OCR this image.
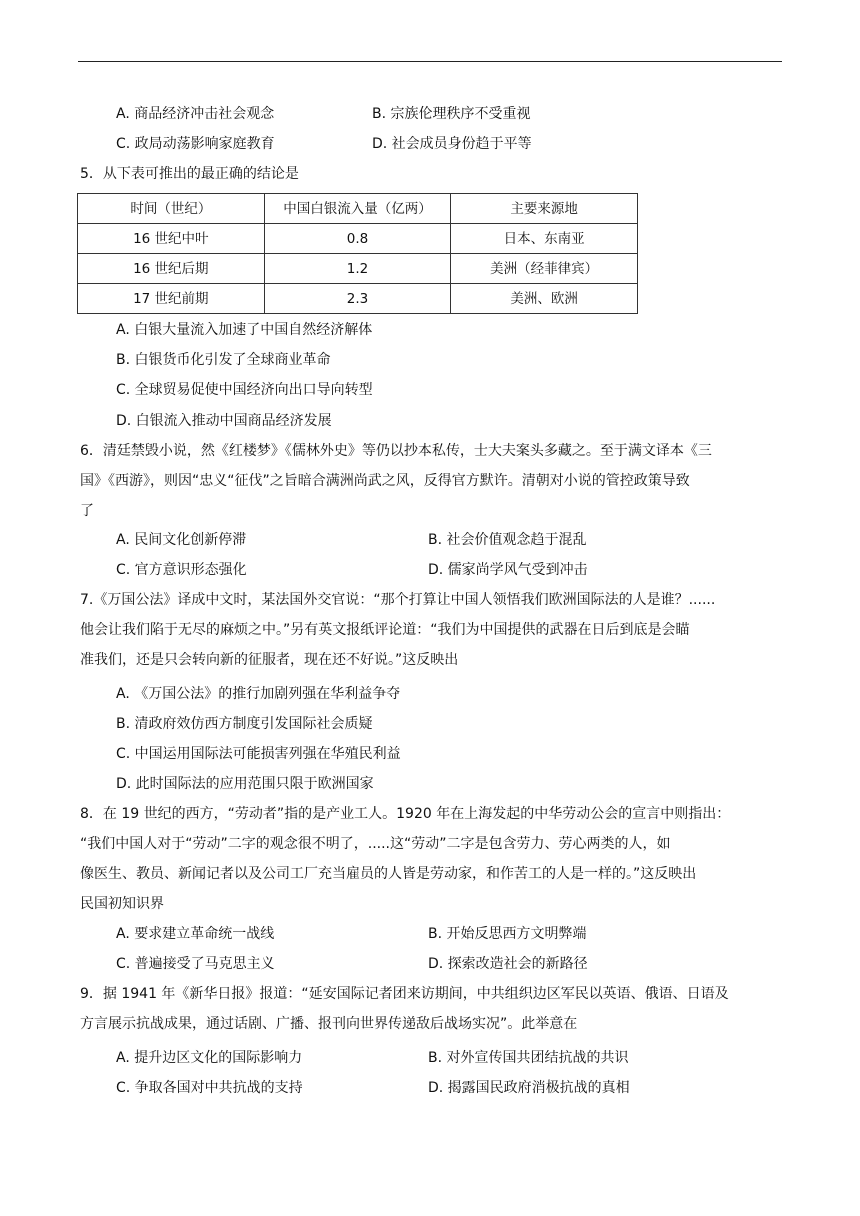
A. 商品经济冲击社会观念	B. 宗族伦理秩序不受重视
C. 政局动荡影响家庭教育	D. 社会成员身份趋于平等
5．从下表可推出的最正确的结论是
时间（世纪）	中国白银流入量（亿两）	主要来源地
16 世纪中叶	0.8	日本、东南亚
16 世纪后期	1.2	美洲（经菲律宾）
17 世纪前期	2.3	美洲、欧洲
A. 白银大量流入加速了中国自然经济解体
B. 白银货币化引发了全球商业革命
C. 全球贸易促使中国经济向出口导向转型
D. 白银流入推动中国商品经济发展
6．清廷禁毁小说，然《红楼梦》《儒林外史》等仍以抄本私传，士大夫案头多藏之。至于满文译本《三
国》《西游》，则因“忠义“征伐”之旨暗合满洲尚武之风，反得官方默许。清朝对小说的管控政策导致
了
A. 民间文化创新停滞	B. 社会价值观念趋于混乱
C. 官方意识形态强化	D. 儒家尚学风气受到冲击
7.《万国公法》译成中文时，某法国外交官说：“那个打算让中国人领悟我们欧洲国际法的人是谁？......
他会让我们陷于无尽的麻烦之中。”另有英文报纸评论道：“我们为中国提供的武器在日后到底是会瞄
准我们，还是只会转向新的征服者，现在还不好说。”这反映出
A. 《万国公法》的推行加剧列强在华利益争夺
B. 清政府效仿西方制度引发国际社会质疑
C. 中国运用国际法可能损害列强在华殖民利益
D. 此时国际法的应用范围只限于欧洲国家
8．在 19 世纪的西方，“劳动者”指的是产业工人。1920 年在上海发起的中华劳动公会的宣言中则指出：
“我们中国人对于“劳动”二字的观念很不明了，.....这“劳动”二字是包含劳力、劳心两类的人，如
像医生、教员、新闻记者以及公司工厂充当雇员的人皆是劳动家，和作苦工的人是一样的。”这反映出
民国初知识界
A. 要求建立革命统一战线	B. 开始反思西方文明弊端
C. 普遍接受了马克思主义	D. 探索改造社会的新路径
9．据 1941 年《新华日报》报道：“延安国际记者团来访期间，中共组织边区军民以英语、俄语、日语及
方言展示抗战成果，通过话剧、广播、报刊向世界传递敌后战场实况”。此举意在
A. 提升边区文化的国际影响力	B. 对外宣传国共团结抗战的共识
C. 争取各国对中共抗战的支持	D. 揭露国民政府消极抗战的真相
